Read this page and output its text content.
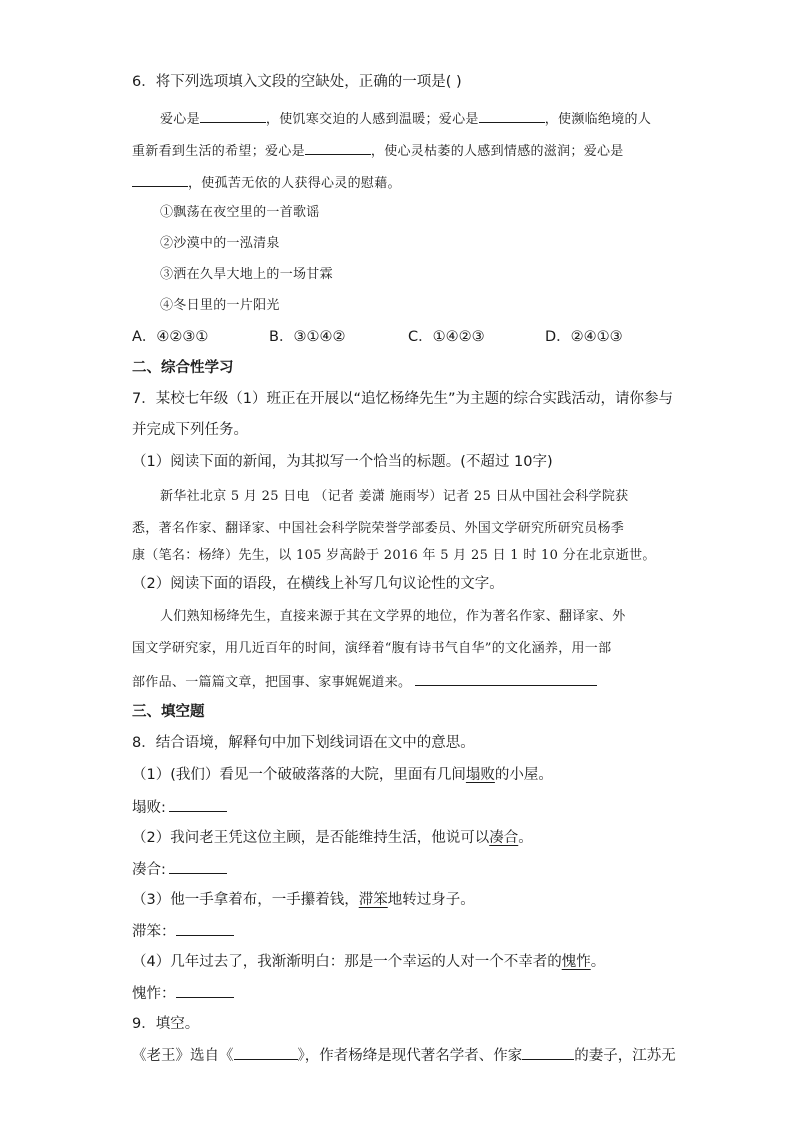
6．将下列选项填入文段的空缺处，正确的一项是( )
爱心是	，使饥寒交迫的人感到温暖；爱心是	，使濒临绝境的人
重新看到生活的希望；爱心是	，使心灵枯萎的人感到情感的滋润；爱心是
，使孤苦无依的人获得心灵的慰藉。
①飘荡在夜空里的一首歌谣
②沙漠中的一泓清泉
③洒在久旱大地上的一场甘霖
④冬日里的一片阳光
A．④②③①	B．③①④②	C．①④②③	D．②④①③
二、综合性学习
7．某校七年级（1）班正在开展以“追忆杨绛先生”为主题的综合实践活动，请你参与
并完成下列任务。
（1）阅读下面的新闻，为其拟写一个恰当的标题。(不超过 10字)
新华社北京 5 月 25 日电 （记者 姜潇 施雨岑）记者 25 日从中国社会科学院获
悉，著名作家、翻译家、中国社会科学院荣誉学部委员、外国文学研究所研究员杨季
康（笔名：杨绛）先生，以 105 岁高龄于 2016 年 5 月 25 日 1 时 10 分在北京逝世。
（2）阅读下面的语段，在横线上补写几句议论性的文字。
人们熟知杨绛先生，直接来源于其在文学界的地位，作为著名作家、翻译家、外
国文学研究家，用几近百年的时间，演绎着“腹有诗书气自华”的文化涵养，用一部
部作品、一篇篇文章，把国事、家事娓娓道来。
三、填空题
8．结合语境，解释句中加下划线词语在文中的意思。
（1）(我们）看见一个破破落落的大院，里面有几间塌败的小屋。
塌败:
（2）我问老王凭这位主顾，是否能维持生活，他说可以凑合。
凑合:
（3）他一手拿着布，一手攥着钱，滞笨地转过身子。
滞笨：
（4）几年过去了，我渐渐明白：那是一个幸运的人对一个不幸者的愧怍。
愧怍：
9．填空。
《老王》选自《	》，作者杨绛是现代著名学者、作家	的妻子，江苏无
